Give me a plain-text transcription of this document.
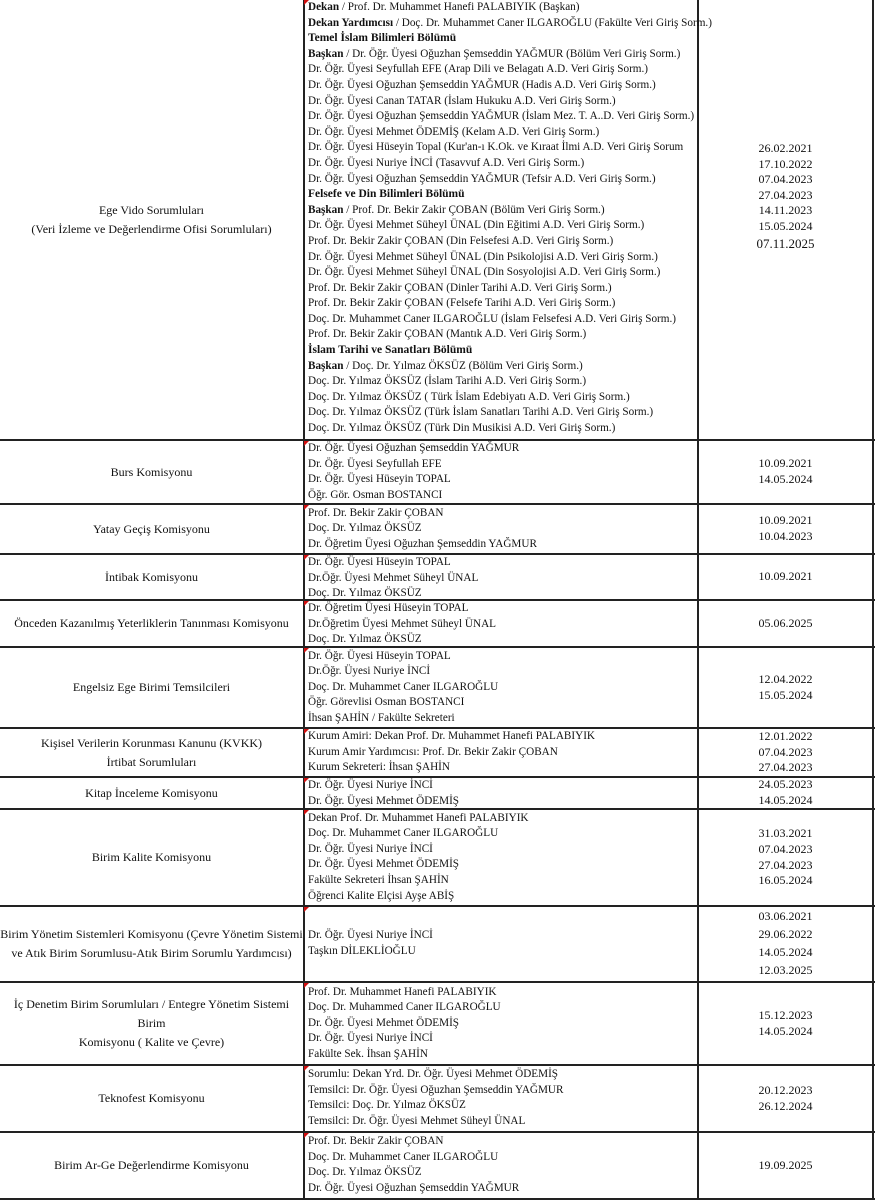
Ege Vido Sorumluları
(Veri İzleme ve Değerlendirme Ofisi Sorumluları)
Dekan / Prof. Dr. Muhammet Hanefi PALABIYIK (Başkan)
Dekan Yardımcısı / Doç. Dr. Muhammet Caner ILGAROĞLU (Fakülte Veri Giriş Sorm.)
Temel İslam Bilimleri Bölümü
Başkan / Dr. Öğr. Üyesi Oğuzhan Şemseddin YAĞMUR (Bölüm Veri Giriş Sorm.)
Dr. Öğr. Üyesi Seyfullah EFE (Arap Dili ve Belagatı A.D. Veri Giriş Sorm.)
Dr. Öğr. Üyesi Oğuzhan Şemseddin YAĞMUR (Hadis A.D. Veri Giriş Sorm.)
Dr. Öğr. Üyesi Canan TATAR (İslam Hukuku A.D. Veri Giriş Sorm.)
Dr. Öğr. Üyesi Oğuzhan Şemseddin YAĞMUR (İslam Mez. T. A..D. Veri Giriş Sorm.)
Dr. Öğr. Üyesi Mehmet ÖDEMİŞ (Kelam A.D. Veri Giriş Sorm.)
Dr. Öğr. Üyesi Hüseyin Topal (Kur'an-ı K.Ok. ve Kıraat İlmi A.D. Veri Giriş Sorum
Dr. Öğr. Üyesi Nuriye İNCİ (Tasavvuf A.D. Veri Giriş Sorm.)
Dr. Öğr. Üyesi Oğuzhan Şemseddin YAĞMUR (Tefsir A.D. Veri Giriş Sorm.)
Felsefe ve Din Bilimleri Bölümü
Başkan / Prof. Dr. Bekir Zakir ÇOBAN (Bölüm Veri Giriş Sorm.)
Dr. Öğr. Üyesi Mehmet Süheyl ÜNAL (Din Eğitimi A.D. Veri Giriş Sorm.)
Prof. Dr. Bekir Zakir ÇOBAN (Din Felsefesi A.D. Veri Giriş Sorm.)
Dr. Öğr. Üyesi Mehmet Süheyl ÜNAL (Din Psikolojisi A.D. Veri Giriş Sorm.)
Dr. Öğr. Üyesi Mehmet Süheyl ÜNAL (Din Sosyolojisi A.D. Veri Giriş Sorm.)
Prof. Dr. Bekir Zakir ÇOBAN (Dinler Tarihi A.D. Veri Giriş Sorm.)
Prof. Dr. Bekir Zakir ÇOBAN (Felsefe Tarihi A.D. Veri Giriş Sorm.)
Doç. Dr. Muhammet Caner ILGAROĞLU (İslam Felsefesi A.D. Veri Giriş Sorm.)
Prof. Dr. Bekir Zakir ÇOBAN (Mantık A.D. Veri Giriş Sorm.)
İslam Tarihi ve Sanatları Bölümü
Başkan / Doç. Dr. Yılmaz ÖKSÜZ (Bölüm Veri Giriş Sorm.)
Doç. Dr. Yılmaz ÖKSÜZ (İslam Tarihi A.D. Veri Giriş Sorm.)
Doç. Dr. Yılmaz ÖKSÜZ ( Türk İslam Edebiyatı A.D. Veri Giriş Sorm.)
Doç. Dr. Yılmaz ÖKSÜZ (Türk İslam Sanatları Tarihi A.D. Veri Giriş Sorm.)
Doç. Dr. Yılmaz ÖKSÜZ (Türk Din Musikisi A.D. Veri Giriş Sorm.)
26.02.2021
17.10.2022
07.04.2023
27.04.2023
14.11.2023
15.05.2024
07.11.2025
Burs Komisyonu
Dr. Öğr. Üyesi Oğuzhan Şemseddin YAĞMUR
Dr. Öğr. Üyesi Seyfullah EFE
Dr. Öğr. Üyesi Hüseyin TOPAL
Öğr. Gör. Osman BOSTANCI
10.09.2021
14.05.2024
Yatay Geçiş Komisyonu
Prof. Dr. Bekir Zakir ÇOBAN
Doç. Dr. Yılmaz ÖKSÜZ
Dr. Öğretim Üyesi Oğuzhan Şemseddin YAĞMUR
10.09.2021
10.04.2023
İntibak Komisyonu
Dr. Öğr. Üyesi Hüseyin TOPAL
Dr.Öğr. Üyesi Mehmet Süheyl ÜNAL
Doç. Dr. Yılmaz ÖKSÜZ
10.09.2021
Önceden Kazanılmış Yeterliklerin Tanınması Komisyonu
Dr. Öğretim Üyesi Hüseyin TOPAL
Dr.Öğretim Üyesi Mehmet Süheyl ÜNAL
Doç. Dr. Yılmaz ÖKSÜZ
05.06.2025
Engelsiz Ege Birimi Temsilcileri
Dr. Öğr. Üyesi Hüseyin TOPAL
Dr.Öğr. Üyesi Nuriye İNCİ
Doç. Dr. Muhammet Caner ILGAROĞLU
Öğr. Görevlisi Osman BOSTANCI
İhsan ŞAHİN / Fakülte Sekreteri
12.04.2022
15.05.2024
Kişisel Verilerin Korunması Kanunu (KVKK)
İrtibat Sorumluları
Kurum Amiri: Dekan Prof. Dr. Muhammet Hanefi PALABIYIK
Kurum Amir Yardımcısı: Prof. Dr. Bekir Zakir ÇOBAN
Kurum Sekreteri: İhsan ŞAHİN
12.01.2022
07.04.2023
27.04.2023
Kitap İnceleme Komisyonu
Dr. Öğr. Üyesi Nuriye İNCİ
Dr. Öğr. Üyesi Mehmet ÖDEMİŞ
24.05.2023
14.05.2024
Birim Kalite Komisyonu
Dekan Prof. Dr. Muhammet Hanefi PALABIYIK
Doç. Dr. Muhammet Caner ILGAROĞLU
Dr. Öğr. Üyesi Nuriye İNCİ
Dr. Öğr. Üyesi Mehmet ÖDEMİŞ
Fakülte Sekreteri İhsan ŞAHİN
Öğrenci Kalite Elçisi Ayşe ABİŞ
31.03.2021
07.04.2023
27.04.2023
16.05.2024
Birim Yönetim Sistemleri Komisyonu (Çevre Yönetim Sistemi
ve Atık Birim Sorumlusu-Atık Birim Sorumlu Yardımcısı)
Dr. Öğr. Üyesi Nuriye İNCİ
Taşkın DİLEKLİOĞLU
03.06.2021
29.06.2022
14.05.2024
12.03.2025
İç Denetim Birim Sorumluları / Entegre Yönetim Sistemi Birim
Komisyonu ( Kalite ve Çevre)
Prof. Dr. Muhammet Hanefi PALABIYIK
Doç. Dr. Muhammed Caner ILGAROĞLU
Dr. Öğr. Üyesi Mehmet ÖDEMİŞ
Dr. Öğr. Üyesi Nuriye İNCİ
Fakülte Sek. İhsan ŞAHİN
15.12.2023
14.05.2024
Teknofest Komisyonu
Sorumlu: Dekan Yrd. Dr. Öğr. Üyesi Mehmet ÖDEMİŞ
Temsilci: Dr. Öğr. Üyesi Oğuzhan Şemseddin YAĞMUR
Temsilci: Doç. Dr. Yılmaz ÖKSÜZ
Temsilci: Dr. Öğr. Üyesi Mehmet Süheyl ÜNAL
20.12.2023
26.12.2024
Birim Ar-Ge Değerlendirme Komisyonu
Prof. Dr. Bekir Zakir ÇOBAN
Doç. Dr. Muhammet Caner ILGAROĞLU
Doç. Dr. Yılmaz ÖKSÜZ
Dr. Öğr. Üyesi Oğuzhan Şemseddin YAĞMUR
19.09.2025
